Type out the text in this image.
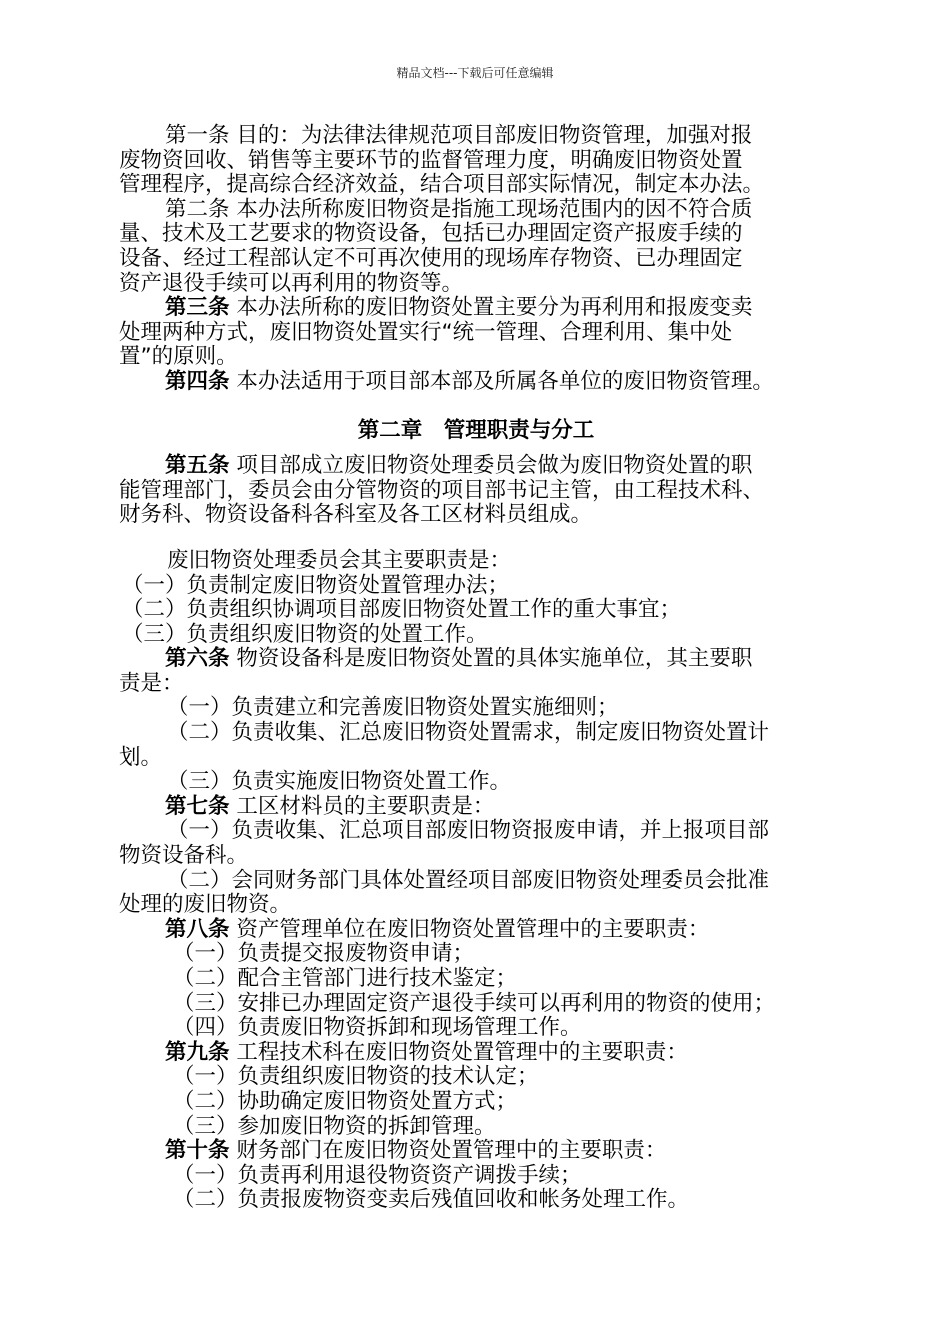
精品文档---下载后可任意编辑

第一条 目的：为法律法律规范项目部废旧物资管理，加强对报

废物资回收、销售等主要环节的监督管理力度，明确废旧物资处置

管理程序，提高综合经济效益，结合项目部实际情况，制定本办法。

第二条 本办法所称废旧物资是指施工现场范围内的因不符合质

量、技术及工艺要求的物资设备，包括已办理固定资产报废手续的

设备、经过工程部认定不可再次使用的现场库存物资、已办理固定

资产退役手续可以再利用的物资等。

第三条 本办法所称的废旧物资处置主要分为再利用和报废变卖

处理两种方式，废旧物资处置实行“统一管理、合理利用、集中处

置”的原则。

第四条 本办法适用于项目部本部及所属各单位的废旧物资管理。

第二章　管理职责与分工

第五条 项目部成立废旧物资处理委员会做为废旧物资处置的职

能管理部门，委员会由分管物资的项目部书记主管，由工程技术科、

财务科、物资设备科各科室及各工区材料员组成。

废旧物资处理委员会其主要职责是：

（一）负责制定废旧物资处置管理办法；

（二）负责组织协调项目部废旧物资处置工作的重大事宜；

（三）负责组织废旧物资的处置工作。

第六条 物资设备科是废旧物资处置的具体实施单位，其主要职

责是：

（一）负责建立和完善废旧物资处置实施细则；

（二）负责收集、汇总废旧物资处置需求，制定废旧物资处置计

划。

（三）负责实施废旧物资处置工作。

第七条 工区材料员的主要职责是：

（一）负责收集、汇总项目部废旧物资报废申请，并上报项目部

物资设备科。

（二）会同财务部门具体处置经项目部废旧物资处理委员会批准

处理的废旧物资。

第八条 资产管理单位在废旧物资处置管理中的主要职责：

（一）负责提交报废物资申请；

（二）配合主管部门进行技术鉴定；

（三）安排已办理固定资产退役手续可以再利用的物资的使用；

（四）负责废旧物资拆卸和现场管理工作。

第九条 工程技术科在废旧物资处置管理中的主要职责：

（一）负责组织废旧物资的技术认定；

（二）协助确定废旧物资处置方式；

（三）参加废旧物资的拆卸管理。

第十条 财务部门在废旧物资处置管理中的主要职责：

（一）负责再利用退役物资资产调拨手续；

（二）负责报废物资变卖后残值回收和帐务处理工作。
